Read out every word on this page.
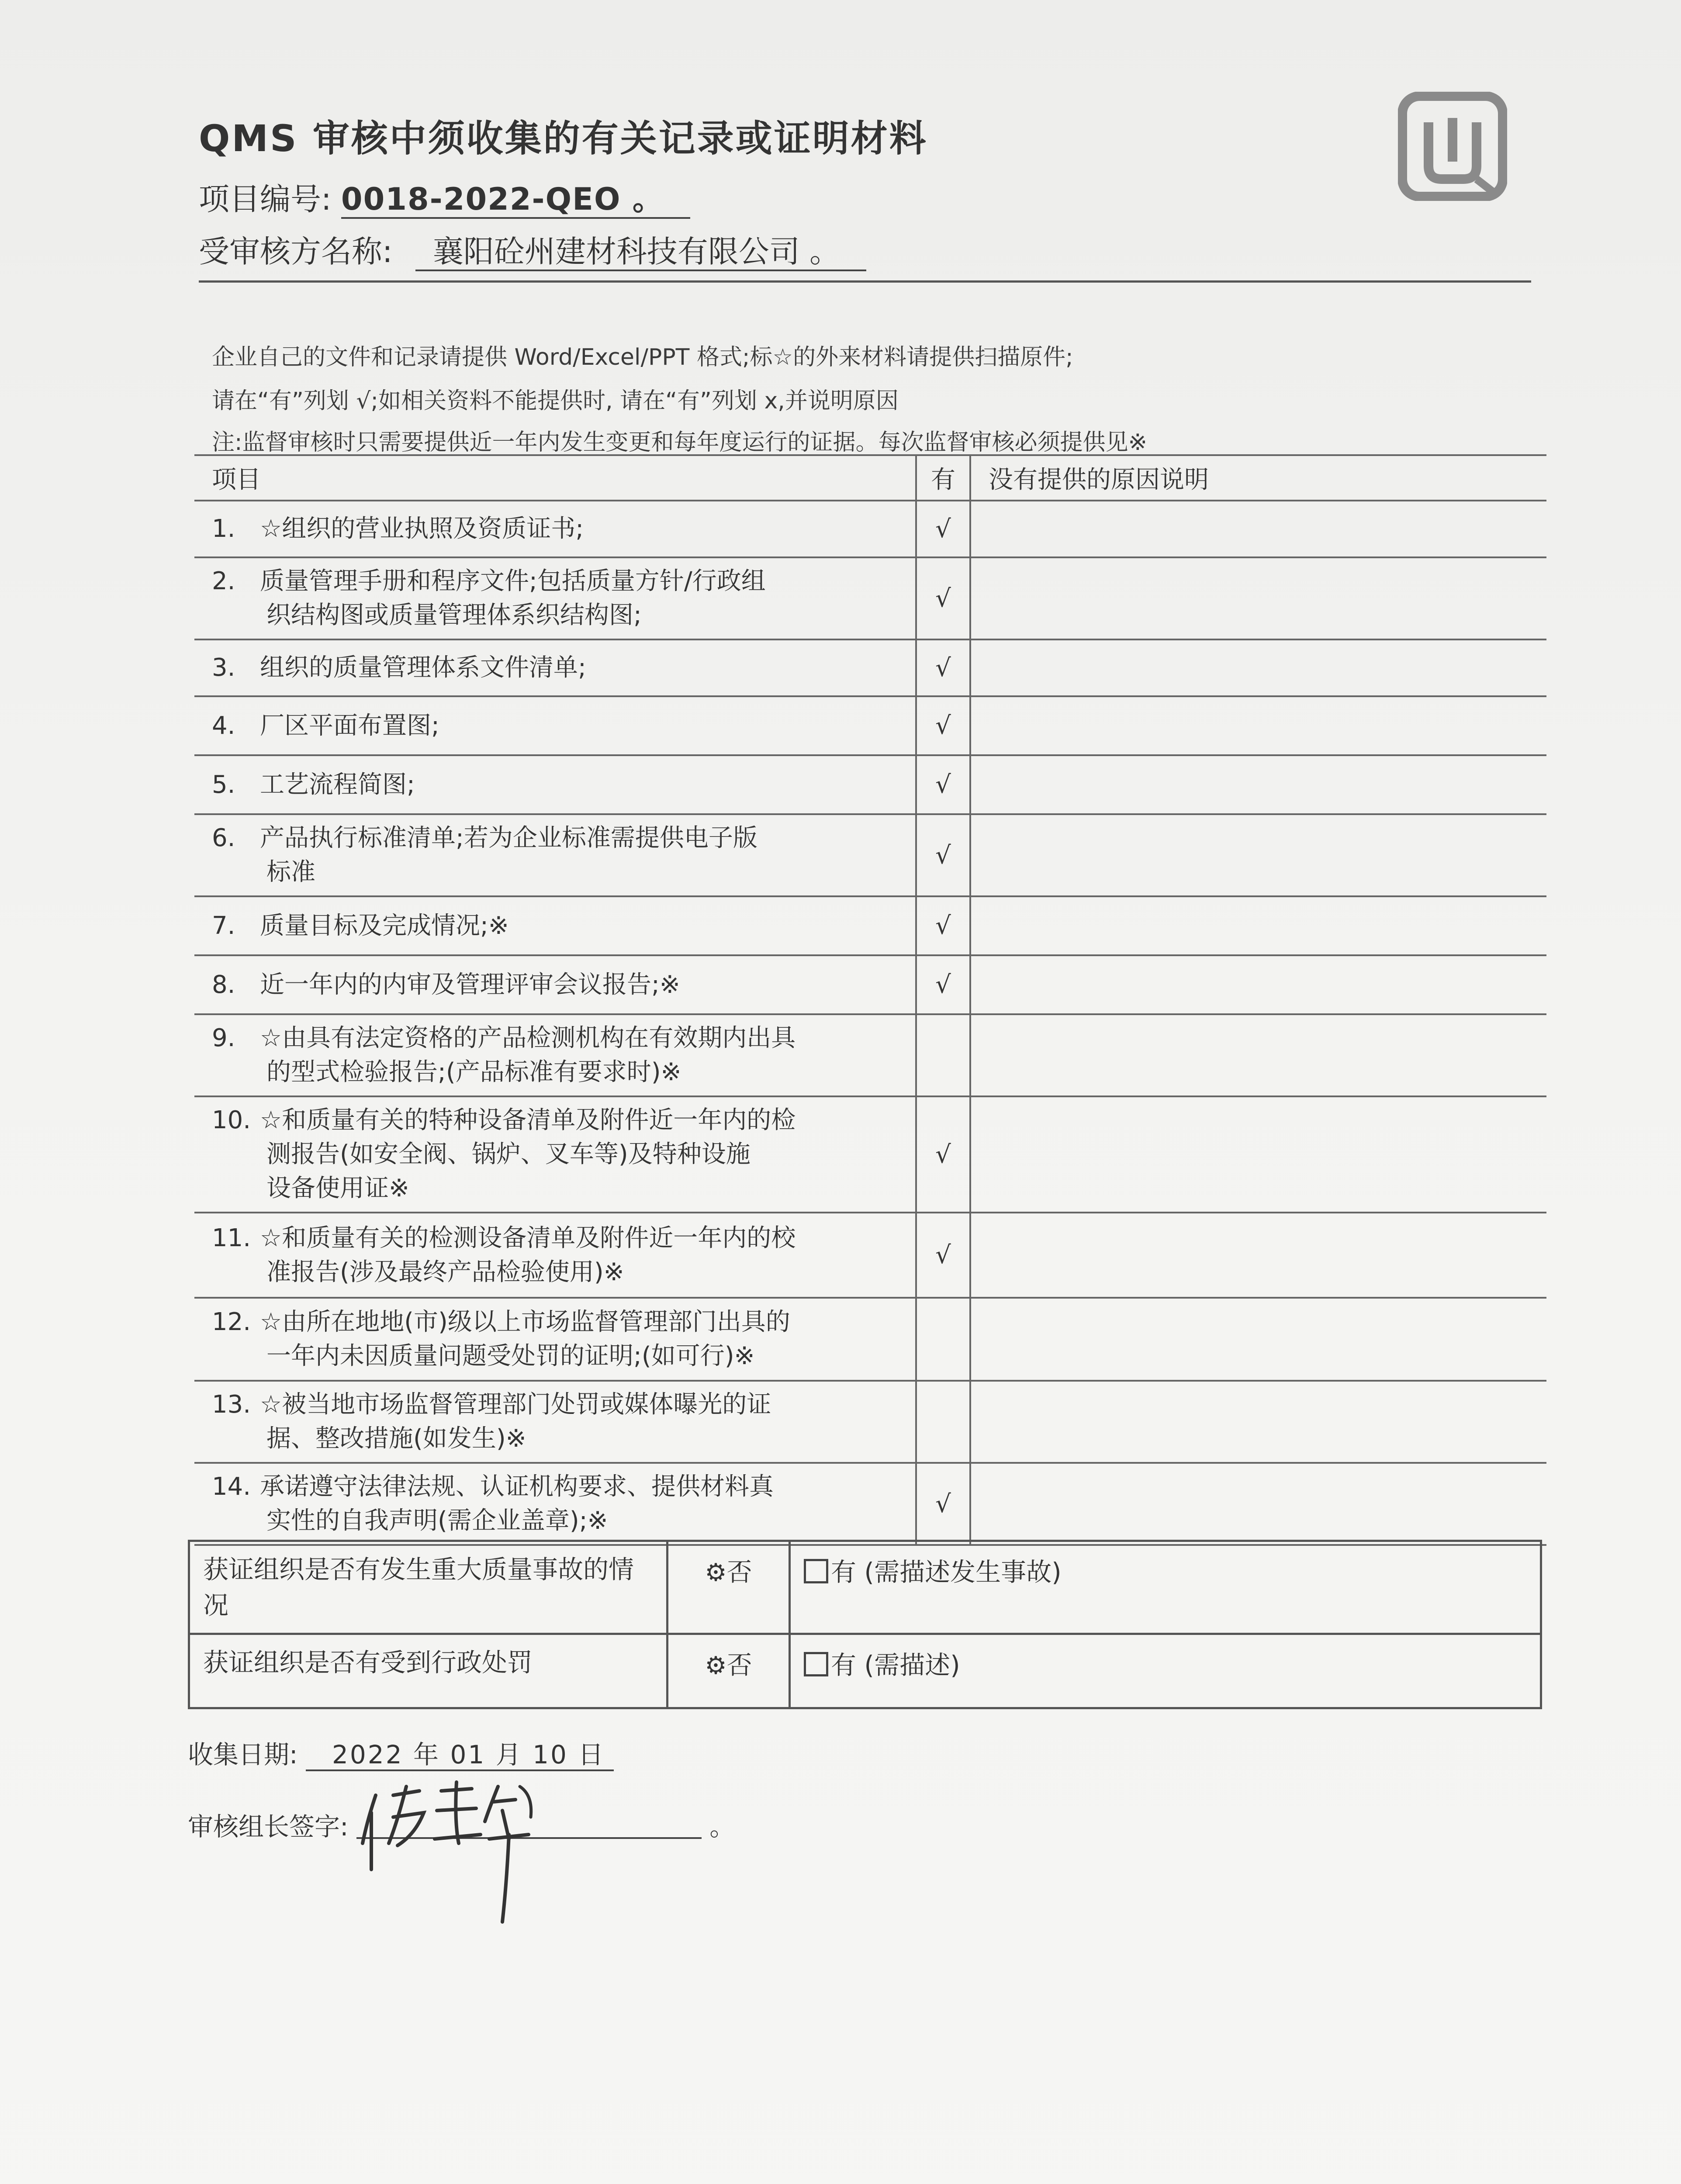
QMS 审核中须收集的有关记录或证明材料
项目编号: 0018-2022-QEO 。
受审核方名称: 襄阳砼州建材科技有限公司 。
企业自己的文件和记录请提供 Word/Excel/PPT 格式;标☆的外来材料请提供扫描原件;
请在“有”列划 √;如相关资料不能提供时, 请在“有”列划 x,并说明原因
注:监督审核时只需要提供近一年内发生变更和每年度运行的证据。每次监督审核必须提供见※
项目	有	没有提供的原因说明
1. ☆组织的营业执照及资质证书;	√	
2. 质量管理手册和程序文件;包括质量方针/行政组
织结构图或质量管理体系织结构图;	√	
3. 组织的质量管理体系文件清单;	√	
4. 厂区平面布置图;	√	
5. 工艺流程简图;	√	
6. 产品执行标准清单;若为企业标准需提供电子版
标准	√	
7. 质量目标及完成情况;※	√	
8. 近一年内的内审及管理评审会议报告;※	√	
9. ☆由具有法定资格的产品检测机构在有效期内出具
的型式检验报告;(产品标准有要求时)※		

10. ☆和质量有关的特种设备清单及附件近一年内的检
测报告(如安全阀、锅炉、叉车等)及特种设施
设备使用证※	√	
11. ☆和质量有关的检测设备清单及附件近一年内的校
准报告(涉及最终产品检验使用)※	√	
12. ☆由所在地地(市)级以上市场监督管理部门出具的
一年内未因质量问题受处罚的证明;(如可行)※		

13. ☆被当地市场监督管理部门处罚或媒体曝光的证
据、整改措施(如发生)※		

14. 承诺遵守法律法规、认证机构要求、提供材料真
实性的自我声明(需企业盖章);※	√	
获证组织是否有发生重大质量事故的情况	⚙否	有 (需描述发生事故)
获证组织是否有受到行政处罚	⚙否	有 (需描述)
收集日期: 2022 年 01 月 10 日
审核组长签字:	。
